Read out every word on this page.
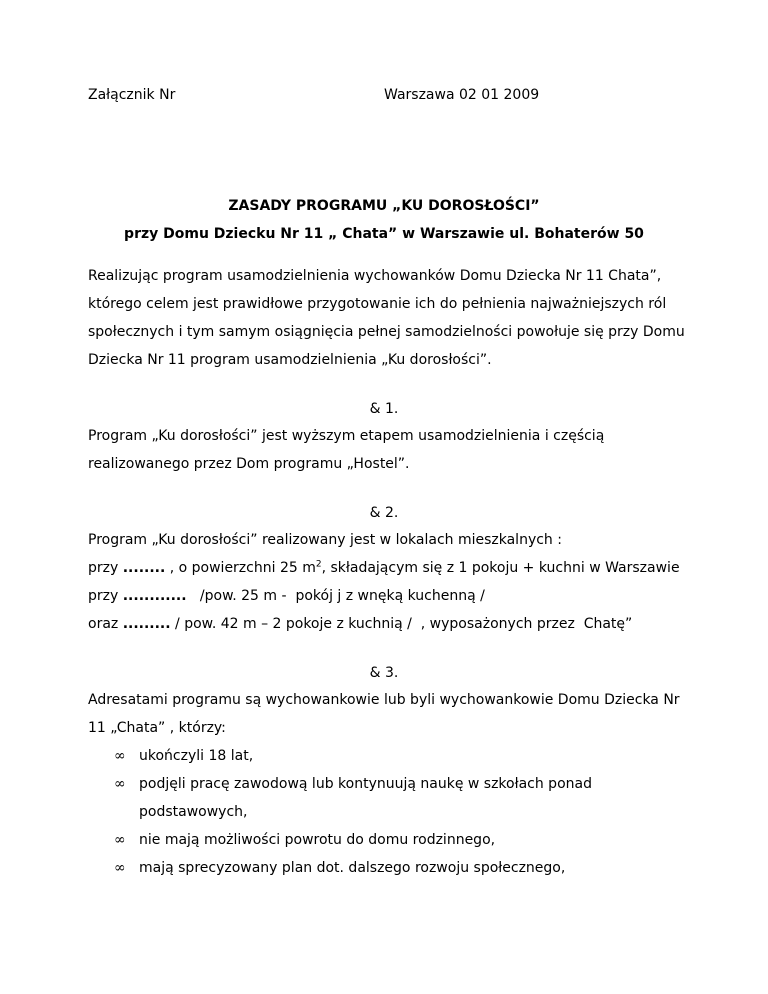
Załącznik Nr	Warszawa 02 01 2009
ZASADY PROGRAMU „KU DOROSŁOŚCI”
przy Domu Dziecku Nr 11 „ Chata” w Warszawie ul. Bohaterów 50
Realizując program usamodzielnienia wychowanków Domu Dziecka Nr 11 Chata”,
którego celem jest prawidłowe przygotowanie ich do pełnienia najważniejszych ról
społecznych i tym samym osiągnięcia pełnej samodzielności powołuje się przy Domu
Dziecka Nr 11 program usamodzielnienia „Ku dorosłości”.
& 1.
Program „Ku dorosłości” jest wyższym etapem usamodzielnienia i częścią
realizowanego przez Dom programu „Hostel”.
& 2.
Program „Ku dorosłości” realizowany jest w lokalach mieszkalnych :
przy ........ , o powierzchni 25 $m^2$, składającym się z 1 pokoju + kuchni w Warszawie
przy ............   /pow. 25 m -  pokój j z wnęką kuchenną /
oraz ......... / pow. 42 m – 2 pokoje z kuchnią /  , wyposażonych przez  Chatę”
& 3.
Adresatami programu są wychowankowie lub byli wychowankowie Domu Dziecka Nr
11 „Chata” , którzy:
∞ ukończyli 18 lat,
∞ podjęli pracę zawodową lub kontynuują naukę w szkołach ponad
podstawowych,
∞ nie mają możliwości powrotu do domu rodzinnego,
∞ mają sprecyzowany plan dot. dalszego rozwoju społecznego,
